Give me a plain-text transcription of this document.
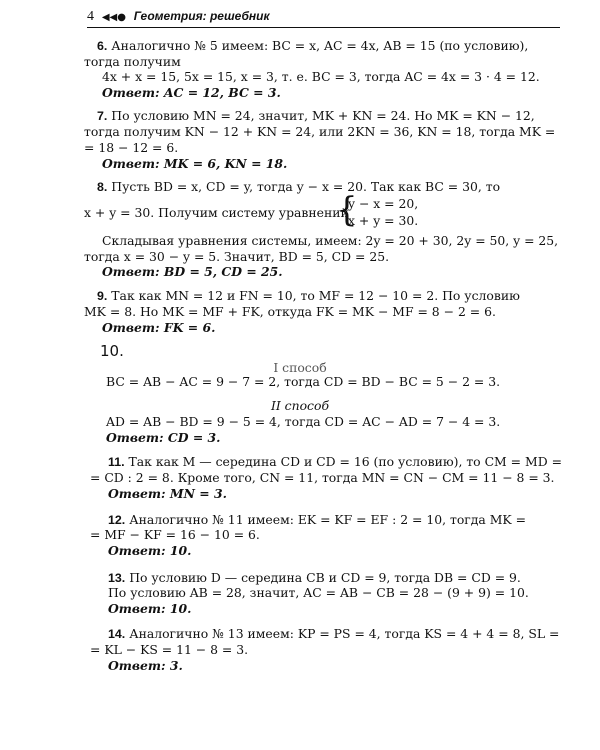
4 ◀◀● Геометрия: решебник
6. Аналогично № 5 имеем: BC = x, AC = 4x, AB = 15 (по условию),
тогда получим
4x + x = 15, 5x = 15, x = 3, т. е. BC = 3, тогда AC = 4x = 3 · 4 = 12.
Ответ: AC = 12, BC = 3.
7. По условию MN = 24, значит, MK + KN = 24. Но MK = KN − 12,
тогда получим KN − 12 + KN = 24, или 2KN = 36, KN = 18, тогда MK =
= 18 − 12 = 6.
Ответ: MK = 6, KN = 18.
8. Пусть BD = x, CD = y, тогда y − x = 20. Так как BC = 30, то
x + y = 30. Получим систему уравнений
{
y − x = 20,
x + y = 30.
Складывая уравнения системы, имеем: 2y = 20 + 30, 2y = 50, y = 25,
тогда x = 30 − y = 5. Значит, BD = 5, CD = 25.
Ответ: BD = 5, CD = 25.
9. Так как MN = 12 и FN = 10, то MF = 12 − 10 = 2. По условию
MK = 8. Но MK = MF + FK, откуда FK = MK − MF = 8 − 2 = 6.
Ответ: FK = 6.
10.
I способ
BC = AB − AC = 9 − 7 = 2, тогда CD = BD − BC = 5 − 2 = 3.
II способ
AD = AB − BD = 9 − 5 = 4, тогда CD = AC − AD = 7 − 4 = 3.
Ответ: CD = 3.
11. Так как M — середина CD и CD = 16 (по условию), то CM = MD =
= CD : 2 = 8. Кроме того, CN = 11, тогда MN = CN − CM = 11 − 8 = 3.
Ответ: MN = 3.
12. Аналогично № 11 имеем: EK = KF = EF : 2 = 10, тогда MK =
= MF − KF = 16 − 10 = 6.
Ответ: 10.
13. По условию D — середина CB и CD = 9, тогда DB = CD = 9.
По условию AB = 28, значит, AC = AB − CB = 28 − (9 + 9) = 10.
Ответ: 10.
14. Аналогично № 13 имеем: KP = PS = 4, тогда KS = 4 + 4 = 8, SL =
= KL − KS = 11 − 8 = 3.
Ответ: 3.
